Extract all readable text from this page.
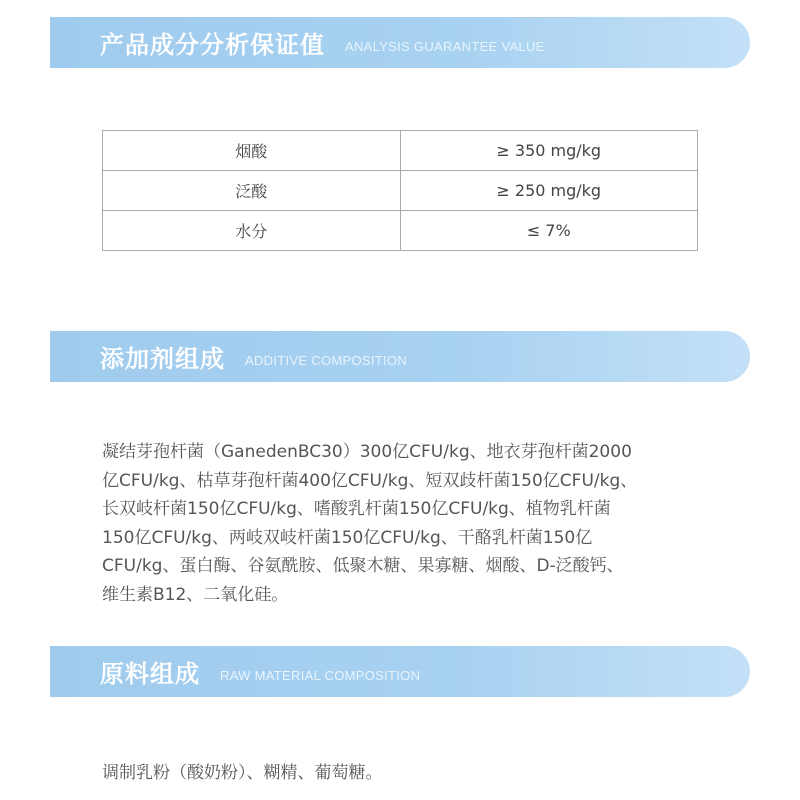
产品成分分析保证值 ANALYSIS GUARANTEE VALUE
烟酸	≥ 350 mg/kg
泛酸	≥ 250 mg/kg
水分	≤ 7%
添加剂组成 ADDITIVE COMPOSITION
凝结芽孢杆菌（GanedenBC30）300亿CFU/kg、地衣芽孢杆菌2000
亿CFU/kg、枯草芽孢杆菌400亿CFU/kg、短双歧杆菌150亿CFU/kg、
长双岐杆菌150亿CFU/kg、嗜酸乳杆菌150亿CFU/kg、植物乳杆菌
150亿CFU/kg、两岐双岐杆菌150亿CFU/kg、干酪乳杆菌150亿
CFU/kg、蛋白酶、谷氨酰胺、低聚木糖、果寡糖、烟酸、D-泛酸钙、
维生素B12、二氧化硅。
原料组成 RAW MATERIAL COMPOSITION
调制乳粉（酸奶粉）、糊精、葡萄糖。
